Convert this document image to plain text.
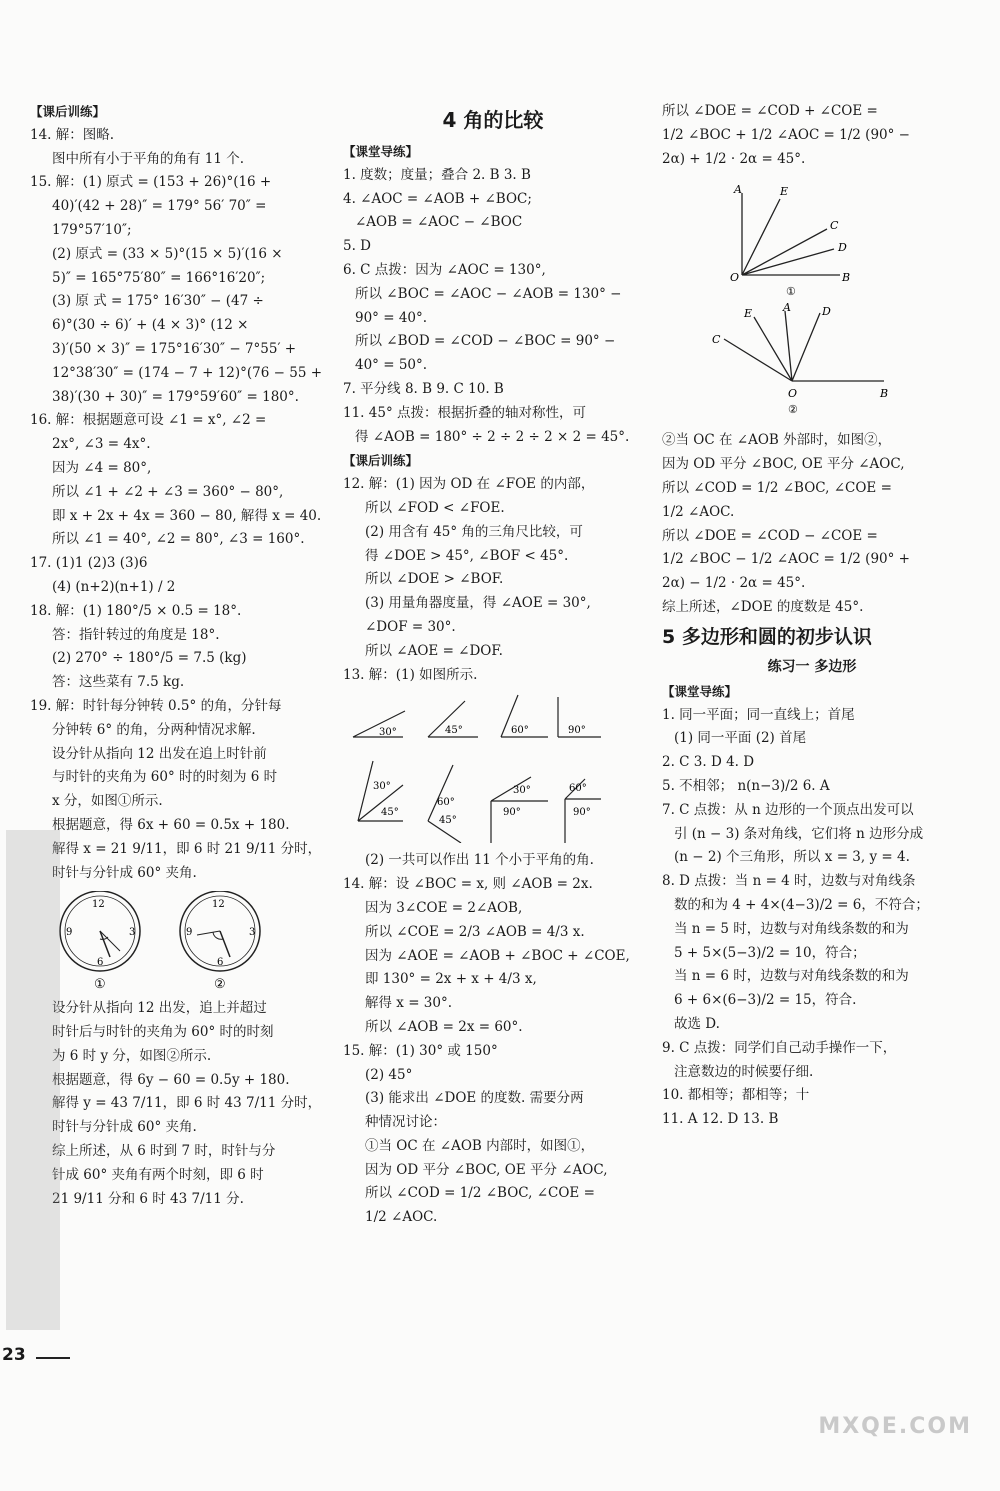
【课后训练】
14. 解：图略.
图中所有小于平角的角有 11 个.
15. 解：(1) 原式 = (153 + 26)°(16 +
40)′(42 + 28)″ = 179° 56′ 70″ =
179°57′10″;
(2) 原式 = (33 × 5)°(15 × 5)′(16 ×
5)″ = 165°75′80″ = 166°16′20″;
(3) 原 式 = 175° 16′30″ − (47 ÷
6)°(30 ÷ 6)′ + (4 × 3)° (12 ×
3)′(50 × 3)″ = 175°16′30″ − 7°55′ +
12°38′30″ = (174 − 7 + 12)°(76 − 55 +
38)′(30 + 30)″ = 179°59′60″ = 180°.
16. 解：根据题意可设 ∠1 = x°, ∠2 =
2x°, ∠3 = 4x°.
因为 ∠4 = 80°,
所以 ∠1 + ∠2 + ∠3 = 360° − 80°,
即 x + 2x + 4x = 360 − 80, 解得 x = 40.
所以 ∠1 = 40°, ∠2 = 80°, ∠3 = 160°.
17. (1)1 (2)3 (3)6
(4) (n+2)(n+1) / 2
18. 解：(1) 180°/5 × 0.5 = 18°.
答：指针转过的角度是 18°.
(2) 270° ÷ 180°/5 = 7.5 (kg)
答：这些菜有 7.5 kg.
19. 解：时针每分钟转 0.5° 的角，分针每
分钟转 6° 的角，分两种情况求解.
设分针从指向 12 出发在追上时针前
与时针的夹角为 60° 时的时刻为 6 时
x 分，如图①所示.
根据题意，得 6x + 60 = 0.5x + 180.
解得 x = 21 9/11，即 6 时 21 9/11 分时，
时针与分针成 60° 夹角.
12
3
6
9
①
12
3
6
9
②
设分针从指向 12 出发，追上并超过
时针后与时针的夹角为 60° 时的时刻
为 6 时 y 分，如图②所示.
根据题意，得 6y − 60 = 0.5y + 180.
解得 y = 43 7/11，即 6 时 43 7/11 分时，
时针与分针成 60° 夹角.
综上所述，从 6 时到 7 时，时针与分
针成 60° 夹角有两个时刻，即 6 时
21 9/11 分和 6 时 43 7/11 分.
4 角的比较
【课堂导练】
1. 度数；度量；叠合 2. B 3. B
4. ∠AOC = ∠AOB + ∠BOC;
∠AOB = ∠AOC − ∠BOC
5. D
6. C 点拨：因为 ∠AOC = 130°,
所以 ∠BOC = ∠AOC − ∠AOB = 130° −
90° = 40°.
所以 ∠BOD = ∠COD − ∠BOC = 90° −
40° = 50°.
7. 平分线 8. B 9. C 10. B
11. 45° 点拨：根据折叠的轴对称性，可
得 ∠AOB = 180° ÷ 2 ÷ 2 ÷ 2 × 2 = 45°.
【课后训练】
12. 解：(1) 因为 OD 在 ∠FOE 的内部，
所以 ∠FOD < ∠FOE.
(2) 用含有 45° 角的三角尺比较，可
得 ∠DOE > 45°, ∠BOF < 45°.
所以 ∠DOE > ∠BOF.
(3) 用量角器度量，得 ∠AOE = 30°,
∠DOF = 30°.
所以 ∠AOE = ∠DOF.
13. 解：(1) 如图所示.
30°	45°	60°	90°
30°
45°
60°
45°
30°
90°
60°
90°
(2) 一共可以作出 11 个小于平角的角.
14. 解：设 ∠BOC = x, 则 ∠AOB = 2x.
因为 3∠COE = 2∠AOB,
所以 ∠COE = 2/3 ∠AOB = 4/3 x.
因为 ∠AOE = ∠AOB + ∠BOC + ∠COE,
即 130° = 2x + x + 4/3 x,
解得 x = 30°.
所以 ∠AOB = 2x = 60°.
15. 解：(1) 30° 或 150°
(2) 45°
(3) 能求出 ∠DOE 的度数. 需要分两
种情况讨论：
①当 OC 在 ∠AOB 内部时，如图①，
因为 OD 平分 ∠BOC, OE 平分 ∠AOC,
所以 ∠COD = 1/2 ∠BOC, ∠COE =
1/2 ∠AOC.
所以 ∠DOE = ∠COD + ∠COE =
1/2 ∠BOC + 1/2 ∠AOC = 1/2 (90° −
2α) + 1/2 · 2α = 45°.
A	E
C
D
O	B
①
A
E	D
C
O	B
②
②当 OC 在 ∠AOB 外部时，如图②，
因为 OD 平分 ∠BOC, OE 平分 ∠AOC,
所以 ∠COD = 1/2 ∠BOC, ∠COE =
1/2 ∠AOC.
所以 ∠DOE = ∠COD − ∠COE =
1/2 ∠BOC − 1/2 ∠AOC = 1/2 (90° +
2α) − 1/2 · 2α = 45°.
综上所述，∠DOE 的度数是 45°.
5 多边形和圆的初步认识
练习一 多边形
【课堂导练】
1. 同一平面；同一直线上；首尾
(1) 同一平面 (2) 首尾
2. C 3. D 4. D
5. 不相邻； n(n−3)/2 6. A
7. C 点拨：从 n 边形的一个顶点出发可以
引 (n − 3) 条对角线，它们将 n 边形分成
(n − 2) 个三角形，所以 x = 3, y = 4.
8. D 点拨：当 n = 4 时，边数与对角线条
数的和为 4 + 4×(4−3)/2 = 6，不符合；
当 n = 5 时，边数与对角线条数的和为
5 + 5×(5−3)/2 = 10，符合；
当 n = 6 时，边数与对角线条数的和为
6 + 6×(6−3)/2 = 15，符合.
故选 D.
9. C 点拨：同学们自己动手操作一下，
注意数边的时候要仔细.
10. 都相等；都相等；十
11. A 12. D 13. B
23
MXQE.COM
